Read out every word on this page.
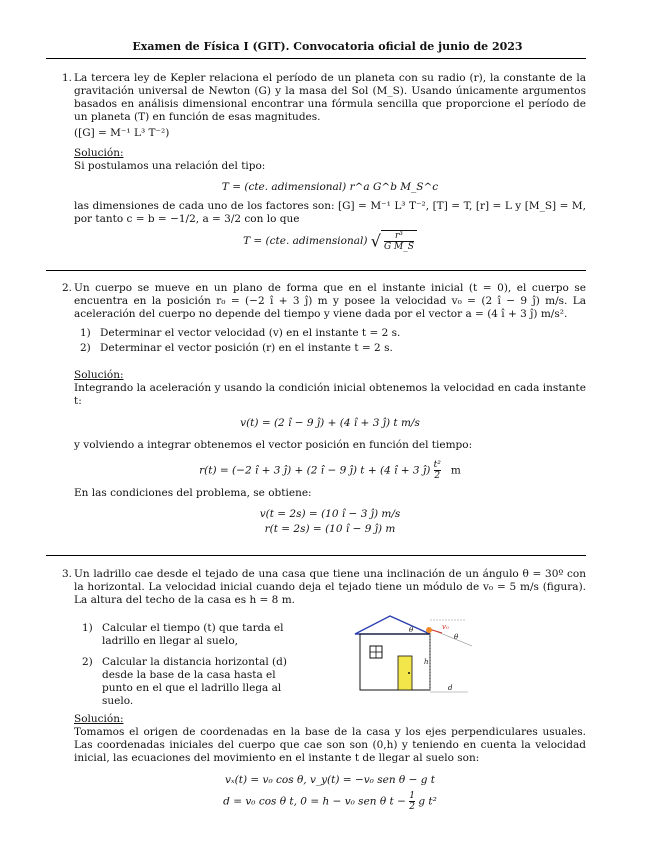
Examen de Física I (GIT). Convocatoria oficial de junio de 2023
1. La tercera ley de Kepler relaciona el período de un planeta con su radio (r), la constante de la gravitación universal de Newton (G) y la masa del Sol (M_S). Usando únicamente argumentos basados en análisis dimensional encontrar una fórmula sencilla que proporcione el período de un planeta (T) en función de esas magnitudes.
([G] = M⁻¹ L³ T⁻²)
Solución:
Si postulamos una relación del tipo:
T = (cte. adimensional) r^a G^b M_S^c
las dimensiones de cada uno de los factores son: [G] = M⁻¹ L³ T⁻², [T] = T, [r] = L y [M_S] = M, por tanto c = b = −1/2, a = 3/2 con lo que
T = (cte. adimensional) √ $\frac{\text{r³}}{\text{G M\_S}}$
2. Un cuerpo se mueve en un plano de forma que en el instante inicial (t = 0), el cuerpo se encuentra en la posición r₀ = (−2 ı̂ + 3 ȷ̂) m y posee la velocidad v₀ = (2 ı̂ − 9 ȷ̂) m/s. La aceleración del cuerpo no depende del tiempo y viene dada por el vector a = (4 ı̂ + 3 ȷ̂) m/s².
1) Determinar el vector velocidad (v) en el instante t = 2 s.
2) Determinar el vector posición (r) en el instante t = 2 s.
Solución:
Integrando la aceleración y usando la condición inicial obtenemos la velocidad en cada instante t:
v(t) = (2 ı̂ − 9 ȷ̂) + (4 ı̂ + 3 ȷ̂) t m/s
y volviendo a integrar obtenemos el vector posición en función del tiempo:
r(t) = (−2 ı̂ + 3 ȷ̂) + (2 ı̂ − 9 ȷ̂) t + (4 ı̂ + 3 ȷ̂) $\frac{\text{t²}}{2}$ m
En las condiciones del problema, se obtiene:
v(t = 2s) = (10 ı̂ − 3 ȷ̂) m/s
r(t = 2s) = (10 ı̂ − 9 ȷ̂) m
3. Un ladrillo cae desde el tejado de una casa que tiene una inclinación de un ángulo θ = 30º con la horizontal. La velocidad inicial cuando deja el tejado tiene un módulo de v₀ = 5 m/s (figura). La altura del techo de la casa es h = 8 m.
1) Calcular el tiempo (t) que tarda el ladrillo en llegar al suelo,
2) Calcular la distancia horizontal (d) desde la base de la casa hasta el punto en el que el ladrillo llega al suelo.
θ
θ
v₀
h
d
Solución:
Tomamos el origen de coordenadas en la base de la casa y los ejes perpendiculares usuales. Las coordenadas iniciales del cuerpo que cae son son (0,h) y teniendo en cuenta la velocidad inicial, las ecuaciones del movimiento en el instante t de llegar al suelo son:
vₓ(t) = v₀ cos θ, v_y(t) = −v₀ sen θ − g t
d = v₀ cos θ t, 0 = h − v₀ sen θ $t - \frac{1}{2}$ g t²
